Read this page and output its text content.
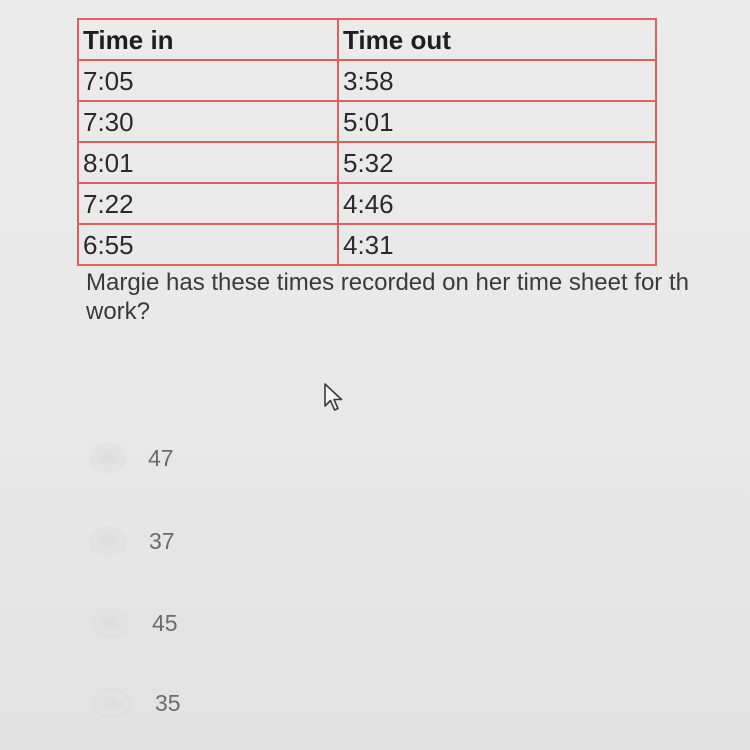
Time in	Time out
7:05	3:58
7:30	5:01
8:01	5:32
7:22	4:46
6:55	4:31
Margie has these times recorded on her time sheet for th
work?
47
37
45
35
